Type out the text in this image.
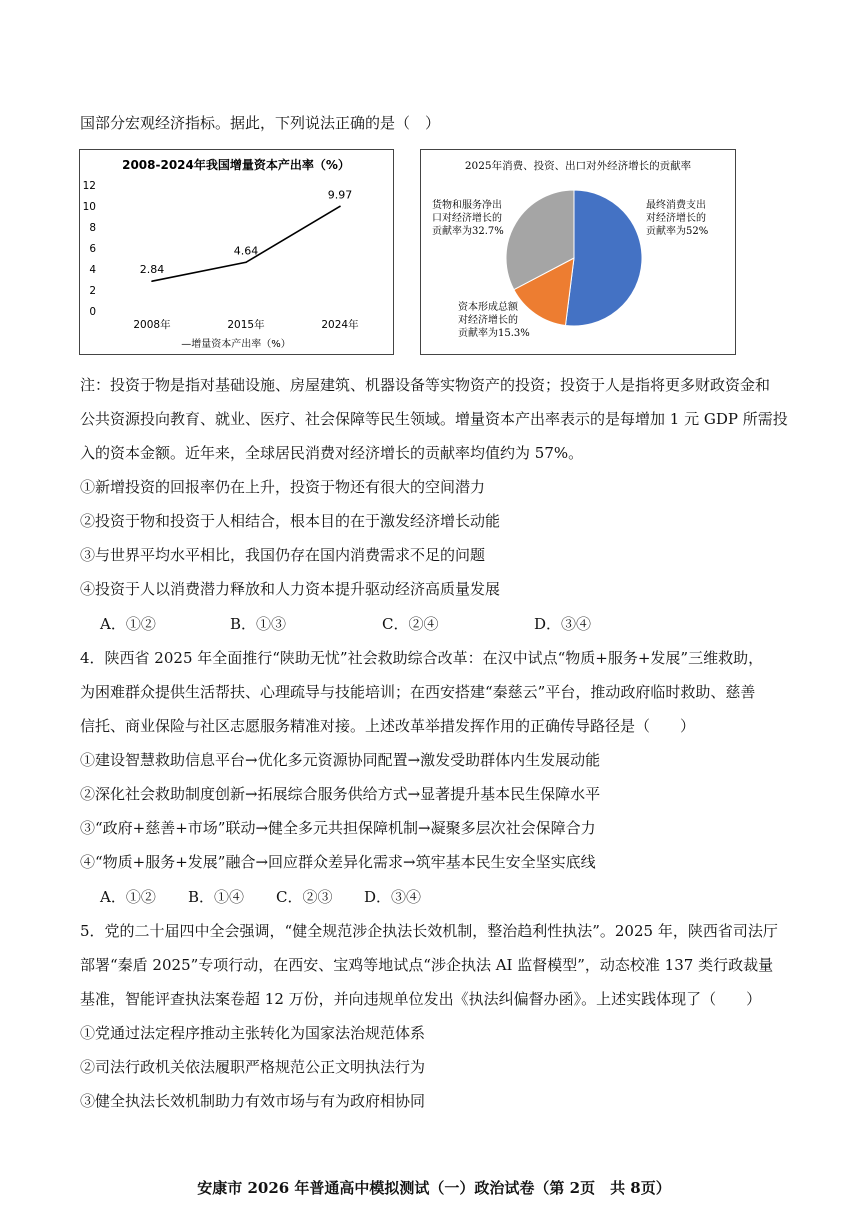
国部分宏观经济指标。据此，下列说法正确的是（　）
2008-2024年我国增量资本产出率（%）
12
10
8
6
4
2
0
2008年	2015年	2024年
2.84
4.64
9.97
—增量资本产出率（%）
2025年消费、投资、出口对外经济增长的贡献率
最终消费支出
对经济增长的
贡献率为52%
资本形成总额
对经济增长的
贡献率为15.3%
货物和服务净出
口对经济增长的
贡献率为32.7%
注：投资于物是指对基础设施、房屋建筑、机器设备等实物资产的投资；投资于人是指将更多财政资金和
公共资源投向教育、就业、医疗、社会保障等民生领域。增量资本产出率表示的是每增加 1 元 GDP 所需投
入的资本金额。近年来，全球居民消费对经济增长的贡献率均值约为 57%。
①新增投资的回报率仍在上升，投资于物还有很大的空间潜力
②投资于物和投资于人相结合，根本目的在于激发经济增长动能
③与世界平均水平相比，我国仍存在国内消费需求不足的问题
④投资于人以消费潜力释放和人力资本提升驱动经济高质量发展
A．①②	B．①③	C．②④	D．③④
4．陕西省 2025 年全面推行“陕助无忧”社会救助综合改革：在汉中试点“物质+服务+发展”三维救助，
为困难群众提供生活帮扶、心理疏导与技能培训；在西安搭建“秦慈云”平台，推动政府临时救助、慈善
信托、商业保险与社区志愿服务精准对接。上述改革举措发挥作用的正确传导路径是（　　）
①建设智慧救助信息平台→优化多元资源协同配置→激发受助群体内生发展动能
②深化社会救助制度创新→拓展综合服务供给方式→显著提升基本民生保障水平
③“政府+慈善+市场”联动→健全多元共担保障机制→凝聚多层次社会保障合力
④“物质+服务+发展”融合→回应群众差异化需求→筑牢基本民生安全坚实底线
A．①② B．①④ C．②③ D．③④
5．党的二十届四中全会强调，“健全规范涉企执法长效机制，整治趋利性执法”。2025 年，陕西省司法厅
部署“秦盾 2025”专项行动，在西安、宝鸡等地试点“涉企执法 AI 监督模型”，动态校准 137 类行政裁量
基准，智能评查执法案卷超 12 万份，并向违规单位发出《执法纠偏督办函》。上述实践体现了（　　）
①党通过法定程序推动主张转化为国家法治规范体系
②司法行政机关依法履职严格规范公正文明执法行为
③健全执法长效机制助力有效市场与有为政府相协同
安康市 2026 年普通高中模拟测试（一）政治试卷（第 2页　共 8页）
